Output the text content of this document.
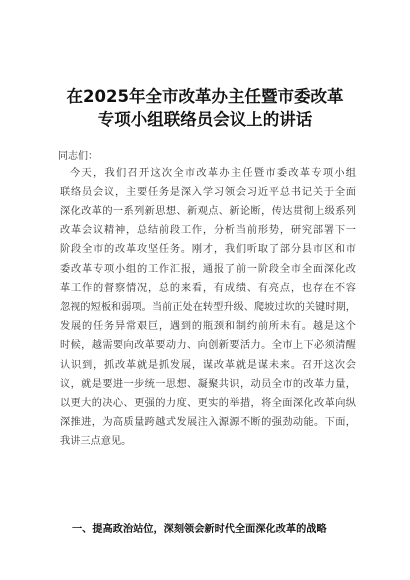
在2025年全市改革办主任暨市委改革
专项小组联络员会议上的讲话
同志们：
今天，我们召开这次全市改革办主任暨市委改革专项小组
联络员会议，主要任务是深入学习领会习近平总书记关于全面
深化改革的一系列新思想、新观点、新论断，传达贯彻上级系列
改革会议精神，总结前段工作，分析当前形势，研究部署下一
阶段全市的改革攻坚任务。刚才，我们听取了部分县市区和市
委改革专项小组的工作汇报，通报了前一阶段全市全面深化改
革工作的督察情况，总的来看，有成绩、有亮点，也存在不容
忽视的短板和弱项。当前正处在转型升级、爬坡过坎的关键时期，
发展的任务异常艰巨，遇到的瓶颈和制约前所未有。越是这个
时候，越需要向改革要动力、向创新要活力。全市上下必须清醒
认识到，抓改革就是抓发展，谋改革就是谋未来。召开这次会
议，就是要进一步统一思想、凝聚共识，动员全市的改革力量，
以更大的决心、更强的力度、更实的举措，将全面深化改革向纵
深推进，为高质量跨越式发展注入源源不断的强劲动能。下面，
我讲三点意见。
一、提高政治站位，深刻领会新时代全面深化改革的战略
